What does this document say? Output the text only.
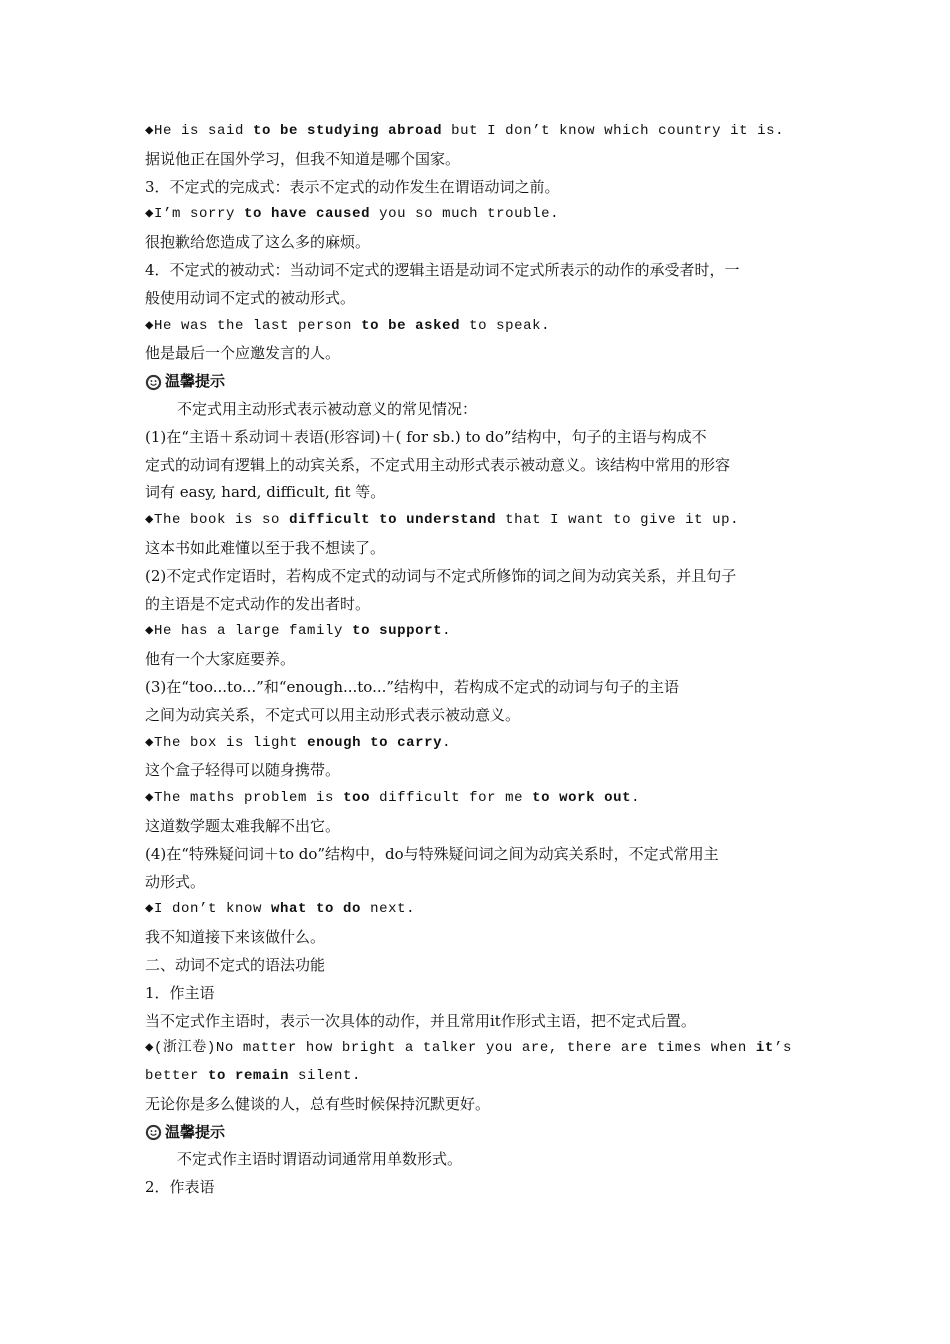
◆He is said to be studying abroad but I don’t know which country it is.
据说他正在国外学习，但我不知道是哪个国家。
3．不定式的完成式：表示不定式的动作发生在谓语动词之前。
◆I’m sorry to have caused you so much trouble.
很抱歉给您造成了这么多的麻烦。
4．不定式的被动式：当动词不定式的逻辑主语是动词不定式所表示的动作的承受者时，一
般使用动词不定式的被动形式。
◆He was the last person to be asked to speak.
他是最后一个应邀发言的人。
温馨提示
不定式用主动形式表示被动意义的常见情况：
(1)在“主语＋系动词＋表语(形容词)＋( for sb.) to do”结构中，句子的主语与构成不
定式的动词有逻辑上的动宾关系，不定式用主动形式表示被动意义。该结构中常用的形容
词有 easy, hard, difficult, fit 等。
◆The book is so difficult to understand that I want to give it up.
这本书如此难懂以至于我不想读了。
(2)不定式作定语时，若构成不定式的动词与不定式所修饰的词之间为动宾关系，并且句子
的主语是不定式动作的发出者时。
◆He has a large family to support.
他有一个大家庭要养。
(3)在“too...to...”和“enough...to...”结构中，若构成不定式的动词与句子的主语
之间为动宾关系，不定式可以用主动形式表示被动意义。
◆The box is light enough to carry.
这个盒子轻得可以随身携带。
◆The maths problem is too difficult for me to work out.
这道数学题太难我解不出它。
(4)在“特殊疑问词＋to do”结构中，do与特殊疑问词之间为动宾关系时，不定式常用主
动形式。
◆I don’t know what to do next.
我不知道接下来该做什么。
二、动词不定式的语法功能
1．作主语
当不定式作主语时，表示一次具体的动作，并且常用it作形式主语，把不定式后置。
◆(浙江卷)No matter how bright a talker you are, there are times when it’s
better to remain silent.
无论你是多么健谈的人，总有些时候保持沉默更好。
温馨提示
不定式作主语时谓语动词通常用单数形式。
2．作表语
